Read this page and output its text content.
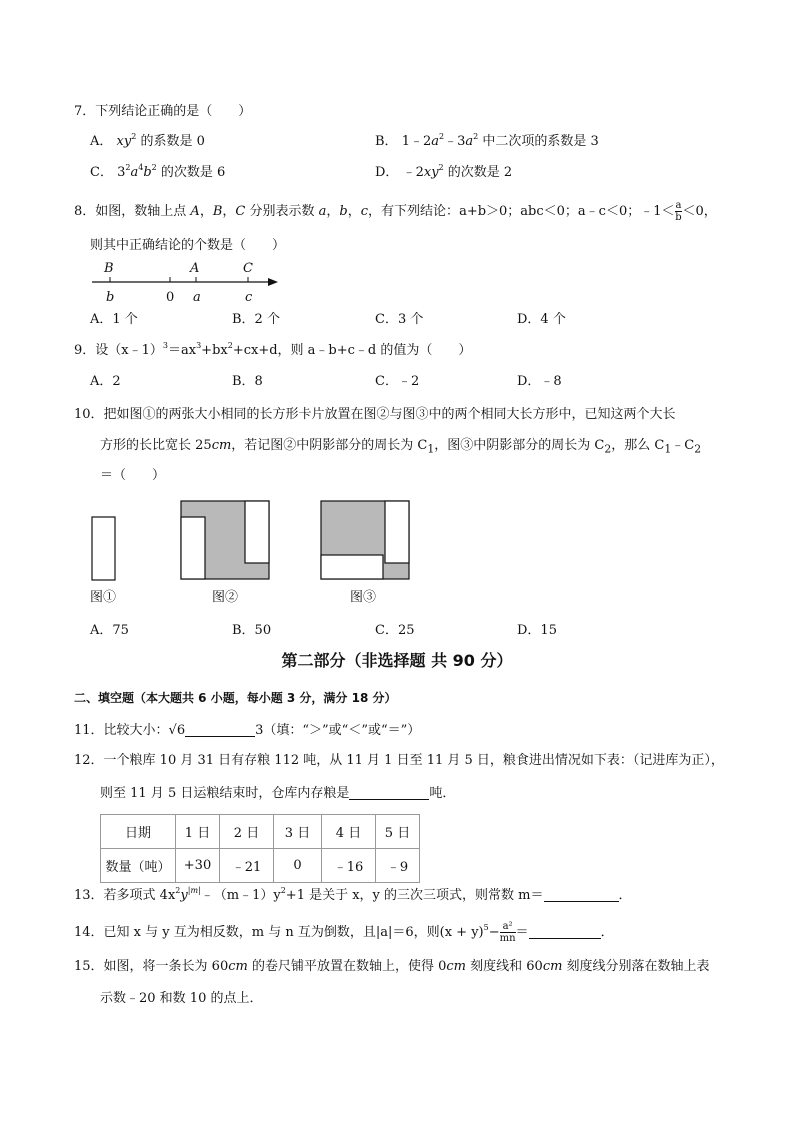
7．下列结论正确的是（　　）
A． $xy^2$ 的系数是 0	B． $1﹣2a^2﹣3a^2$ 中二次项的系数是 3
C． $3^2a^4b^2$ 的次数是 6	D． $﹣2xy^2$ 的次数是 2
8．如图，数轴上点 A，B，C 分别表示数 a，b，c，有下列结论：a+b＞0；abc＜0；a﹣c＜0；﹣1＜ $\frac{a}{b} <0$，
则其中正确结论的个数是（　　）
B	A	C
b	0 a	c
A．1 个	B．2 个	C．3 个	D．4 个
9．设$(x﹣1)^3=ax^3+bx^2+cx+d$，则 a﹣b+c﹣d 的值为（　　）
A．2	B．8	C．﹣2	D．﹣8
10．把如图①的两张大小相同的长方形卡片放置在图②与图③中的两个相同大长方形中，已知这两个大长
方形的长比宽长 25cm，若记图②中阴影部分的周长为 $C_1$，图③中阴影部分的周长为 $C_2$，那么 $C_1﹣C_2$
＝（　　）
图①	图②	图③
A．75	B．50	C．25	D．15
第二部分（非选择题 共 90 分）
二、填空题（本大题共 6 小题，每小题 3 分，满分 18 分）
11．比较大小：√6	3（填：“＞”或“＜”或“＝”）
12．一个粮库 10 月 31 日有存粮 112 吨，从 11 月 1 日至 11 月 5 日，粮食进出情况如下表：（记进库为正），
则至 11 月 5 日运粮结束时，仓库内存粮是	吨．
日期	1 日	2 日	3 日	4 日	5 日
数量（吨）	+30	﹣21	0	﹣16	﹣9
13．若多项式 $4x^2y^{|m|}﹣(m﹣1)y^2+1$ 是关于 x，y 的三次三项式，则常数 m＝	．
14．已知 x 与 y 互为相反数，m 与 n 互为倒数，且|a|＝6，则$(x + y)^5- \frac{\text{a²}}{mn}$ ＝	．
15．如图，将一条长为 60cm 的卷尺铺平放置在数轴上，使得 0cm 刻度线和 60cm 刻度线分别落在数轴上表
示数﹣20 和数 10 的点上．
